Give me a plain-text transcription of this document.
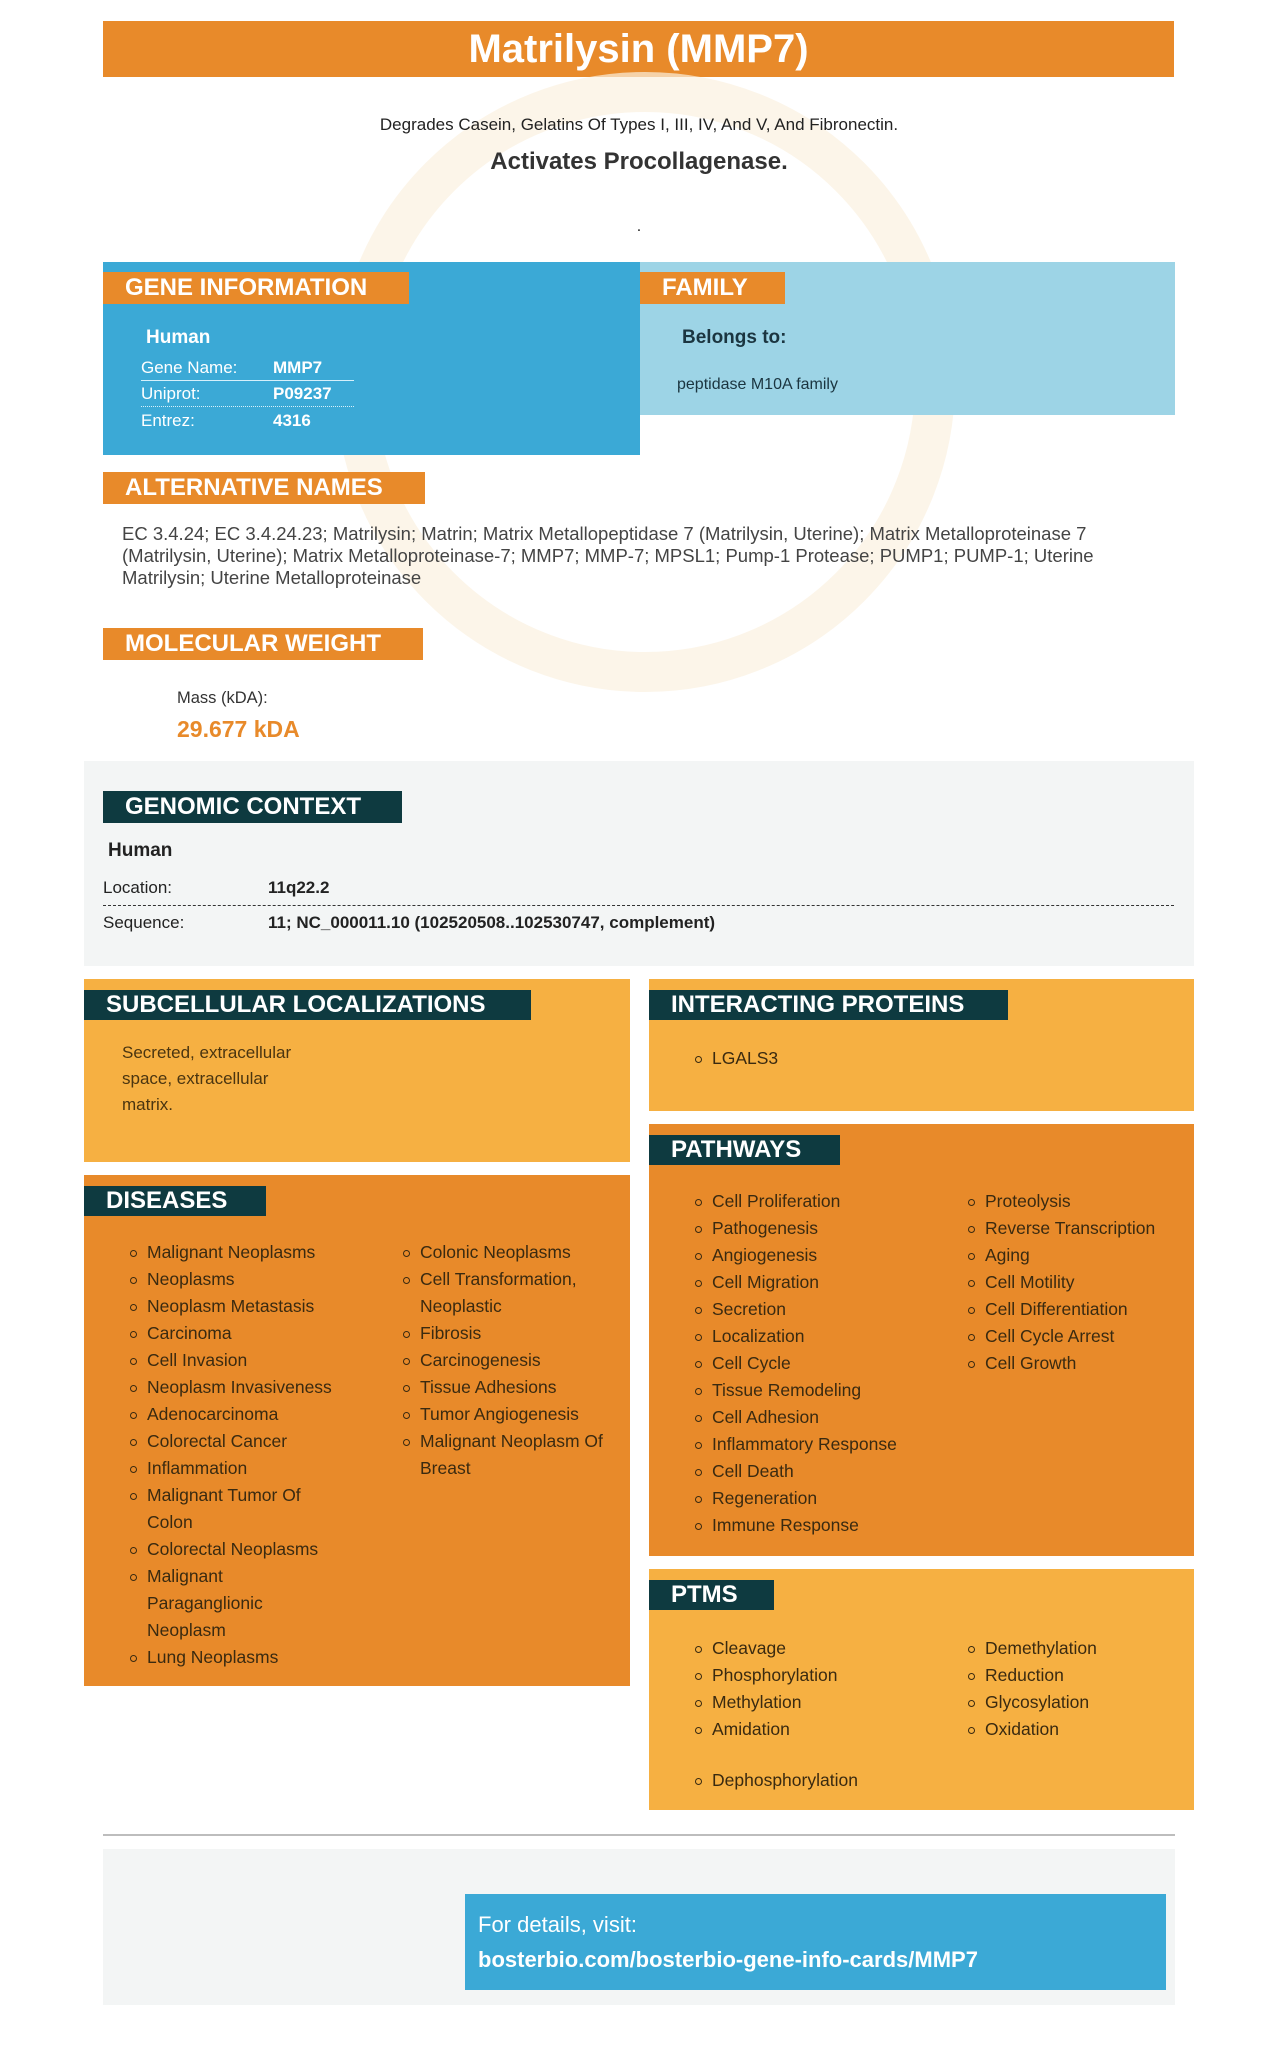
Matrilysin (MMP7)
Degrades Casein, Gelatins Of Types I, III, IV, And V, And Fibronectin.
Activates Procollagenase.
.
GENE INFORMATION
Human
Gene Name: MMP7
Uniprot:	P09237
Entrez:	4316
FAMILY
Belongs to:
peptidase M10A family
ALTERNATIVE NAMES
EC 3.4.24; EC 3.4.24.23; Matrilysin; Matrin; Matrix Metallopeptidase 7 (Matrilysin, Uterine); Matrix Metalloproteinase 7 (Matrilysin, Uterine); Matrix Metalloproteinase-7; MMP7; MMP-7; MPSL1; Pump-1 Protease; PUMP1; PUMP-1; Uterine Matrilysin; Uterine Metalloproteinase
MOLECULAR WEIGHT
Mass (kDA):
29.677 kDA
GENOMIC CONTEXT
Human
Location:	11q22.2
Sequence:	11; NC_000011.10 (102520508..102530747, complement)
SUBCELLULAR LOCALIZATIONS
Secreted, extracellular
space, extracellular
matrix.
INTERACTING PROTEINS
LGALS3
DISEASES
Malignant Neoplasms
Neoplasms
Neoplasm Metastasis
Carcinoma
Cell Invasion
Neoplasm Invasiveness
Adenocarcinoma
Colorectal Cancer
Inflammation
Malignant Tumor Of
Colon
Colorectal Neoplasms
Malignant
Paraganglionic
Neoplasm
Lung Neoplasms
Colonic Neoplasms
Cell Transformation,
Neoplastic
Fibrosis
Carcinogenesis
Tissue Adhesions
Tumor Angiogenesis
Malignant Neoplasm Of
Breast
PATHWAYS
Cell Proliferation
Pathogenesis
Angiogenesis
Cell Migration
Secretion
Localization
Cell Cycle
Tissue Remodeling
Cell Adhesion
Inflammatory Response
Cell Death
Regeneration
Immune Response
Proteolysis
Reverse Transcription
Aging
Cell Motility
Cell Differentiation
Cell Cycle Arrest
Cell Growth
PTMS
Cleavage
Phosphorylation
Methylation
Amidation
Demethylation
Reduction
Glycosylation
Oxidation
Dephosphorylation
For details, visit:
bosterbio.com/bosterbio-gene-info-cards/MMP7
